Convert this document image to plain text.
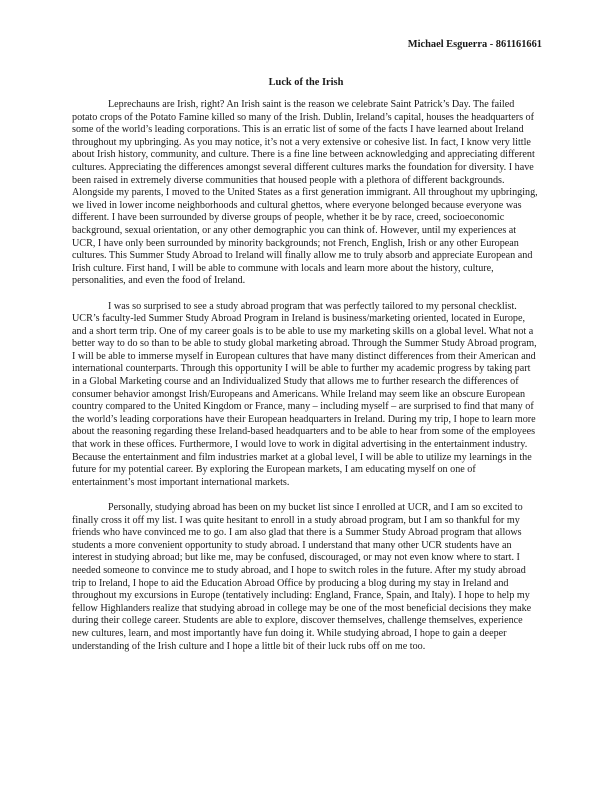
Michael Esguerra - 861161661
Luck of the Irish

Leprechauns are Irish, right? An Irish saint is the reason we celebrate Saint Patrick’s Day. The failed potato crops of the Potato Famine killed so many of the Irish. Dublin, Ireland’s capital, houses the headquarters of some of the world’s leading corporations. This is an erratic list of some of the facts I have learned about Ireland throughout my upbringing. As you may notice, it’s not a very extensive or cohesive list. In fact, I know very little about Irish history, community, and culture. There is a fine line between acknowledging and appreciating different cultures. Appreciating the differences amongst several different cultures marks the foundation for diversity. I have been raised in extremely diverse communities that housed people with a plethora of different backgrounds. Alongside my parents, I moved to the United States as a first generation immigrant. All throughout my upbringing, we lived in lower income neighborhoods and cultural ghettos, where everyone belonged because everyone was different. I have been surrounded by diverse groups of people, whether it be by race, creed, socioeconomic background, sexual orientation, or any other demographic you can think of. However, until my experiences at UCR, I have only been surrounded by minority backgrounds; not French, English, Irish or any other European cultures. This Summer Study Abroad to Ireland will finally allow me to truly absorb and appreciate European and Irish culture. First hand, I will be able to commune with locals and learn more about the history, culture, personalities, and even the food of Ireland.

I was so surprised to see a study abroad program that was perfectly tailored to my personal checklist. UCR’s faculty-led Summer Study Abroad Program in Ireland is business/marketing oriented, located in Europe, and a short term trip. One of my career goals is to be able to use my marketing skills on a global level. What not a better way to do so than to be able to study global marketing abroad. Through the Summer Study Abroad program, I will be able to immerse myself in European cultures that have many distinct differences from their American and international counterparts. Through this opportunity I will be able to further my academic progress by taking part in a Global Marketing course and an Individualized Study that allows me to further research the differences of consumer behavior amongst Irish/Europeans and Americans. While Ireland may seem like an obscure European country compared to the United Kingdom or France, many – including myself – are surprised to find that many of the world’s leading corporations have their European headquarters in Ireland. During my trip, I hope to learn more about the reasoning regarding these Ireland-based headquarters and to be able to hear from some of the employees that work in these offices. Furthermore, I would love to work in digital advertising in the entertainment industry. Because the entertainment and film industries market at a global level, I will be able to utilize my learnings in the future for my potential career. By exploring the European markets, I am educating myself on one of entertainment’s most important international markets.

Personally, studying abroad has been on my bucket list since I enrolled at UCR, and I am so excited to finally cross it off my list. I was quite hesitant to enroll in a study abroad program, but I am so thankful for my friends who have convinced me to go. I am also glad that there is a Summer Study Abroad program that allows students a more convenient opportunity to study abroad. I understand that many other UCR students have an interest in studying abroad; but like me, may be confused, discouraged, or may not even know where to start. I needed someone to convince me to study abroad, and I hope to switch roles in the future. After my study abroad trip to Ireland, I hope to aid the Education Abroad Office by producing a blog during my stay in Ireland and throughout my excursions in Europe (tentatively including: England, France, Spain, and Italy). I hope to help my fellow Highlanders realize that studying abroad in college may be one of the most beneficial decisions they make during their college career. Students are able to explore, discover themselves, challenge themselves, experience new cultures, learn, and most importantly have fun doing it. While studying abroad, I hope to gain a deeper understanding of the Irish culture and I hope a little bit of their luck rubs off on me too.
